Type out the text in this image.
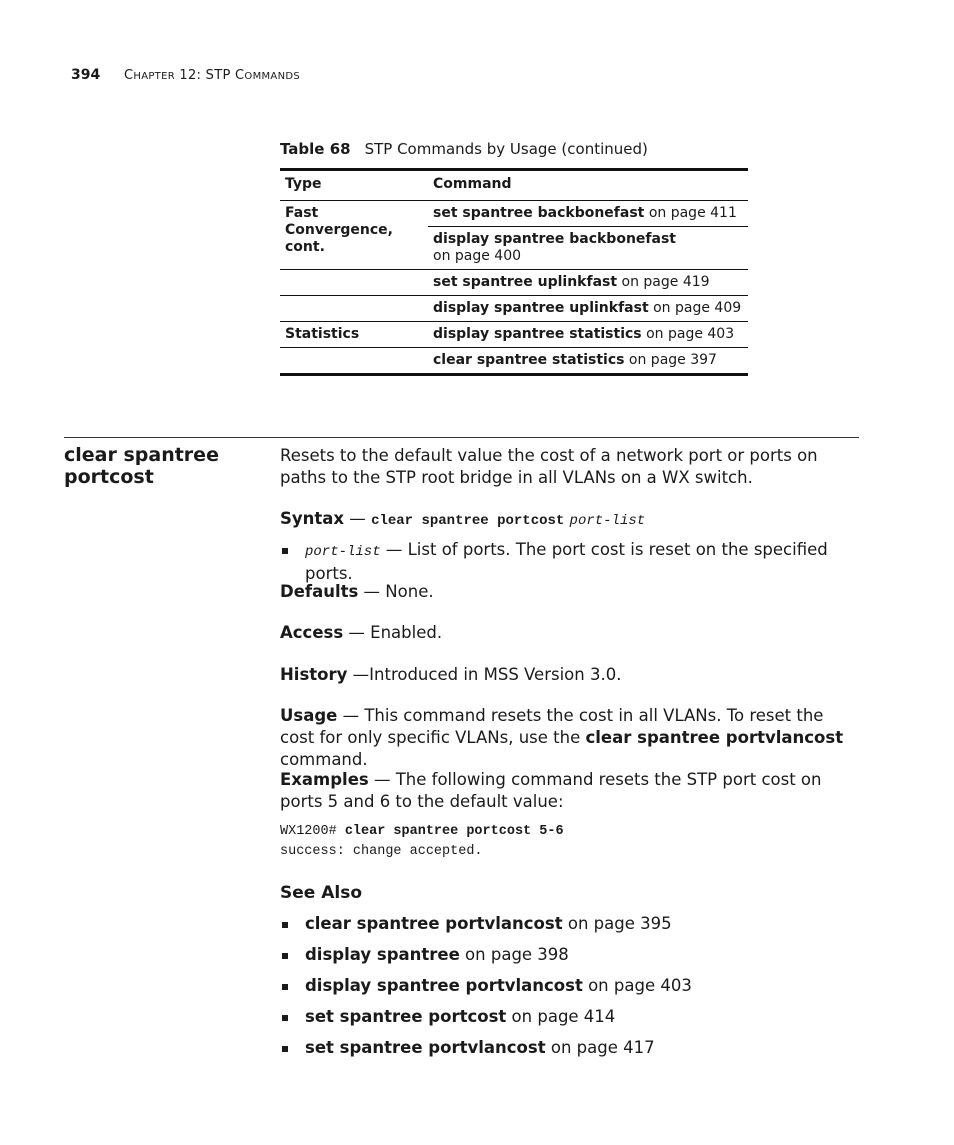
394 CHAPTER 12: STP COMMANDS
Table 68 STP Commands by Usage (continued)
Type	Command
Fast Convergence, cont.	set spantree backbonefast on page 411
	display spantree backbonefast on page 400
	set spantree uplinkfast on page 419
	display spantree uplinkfast on page 409
Statistics	display spantree statistics on page 403
	clear spantree statistics on page 397
clear spantree portcost
Resets to the default value the cost of a network port or ports on paths to the STP root bridge in all VLANs on a WX switch.
Syntax — clear spantree portcost port-list
port-list — List of ports. The port cost is reset on the specified ports.
Defaults — None.
Access — Enabled.
History —Introduced in MSS Version 3.0.
Usage — This command resets the cost in all VLANs. To reset the cost for only specific VLANs, use the clear spantree portvlancost command.
Examples — The following command resets the STP port cost on ports 5 and 6 to the default value:
WX1200# clear spantree portcost 5-6
success: change accepted.
See Also
clear spantree portvlancost on page 395
display spantree on page 398
display spantree portvlancost on page 403
set spantree portcost on page 414
set spantree portvlancost on page 417
